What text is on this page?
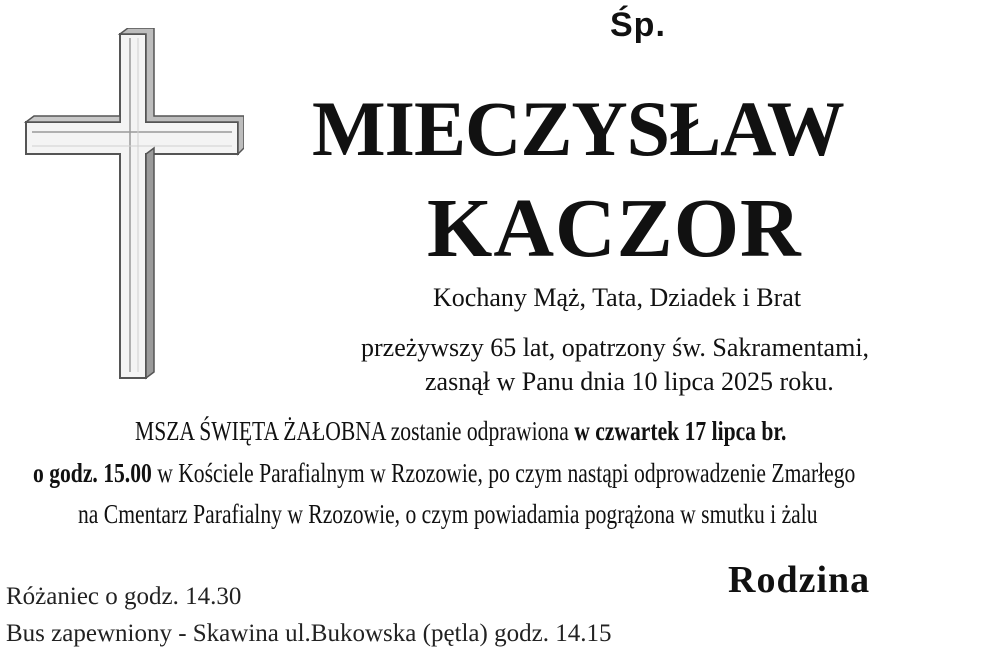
Śp.
MIECZYSŁAW
KACZOR
Kochany Mąż, Tata, Dziadek i Brat
przeżywszy 65 lat, opatrzony św. Sakramentami,
zasnął w Panu dnia 10 lipca 2025 roku.
MSZA ŚWIĘTA ŻAŁOBNA zostanie odprawiona w czwartek 17 lipca br.
o godz. 15.00 w Kościele Parafialnym w Rzozowie, po czym nastąpi odprowadzenie Zmarłego
na Cmentarz Parafialny w Rzozowie, o czym powiadamia pogrążona w smutku i żalu
Rodzina
Różaniec o godz. 14.30
Bus zapewniony - Skawina ul.Bukowska (pętla) godz. 14.15
